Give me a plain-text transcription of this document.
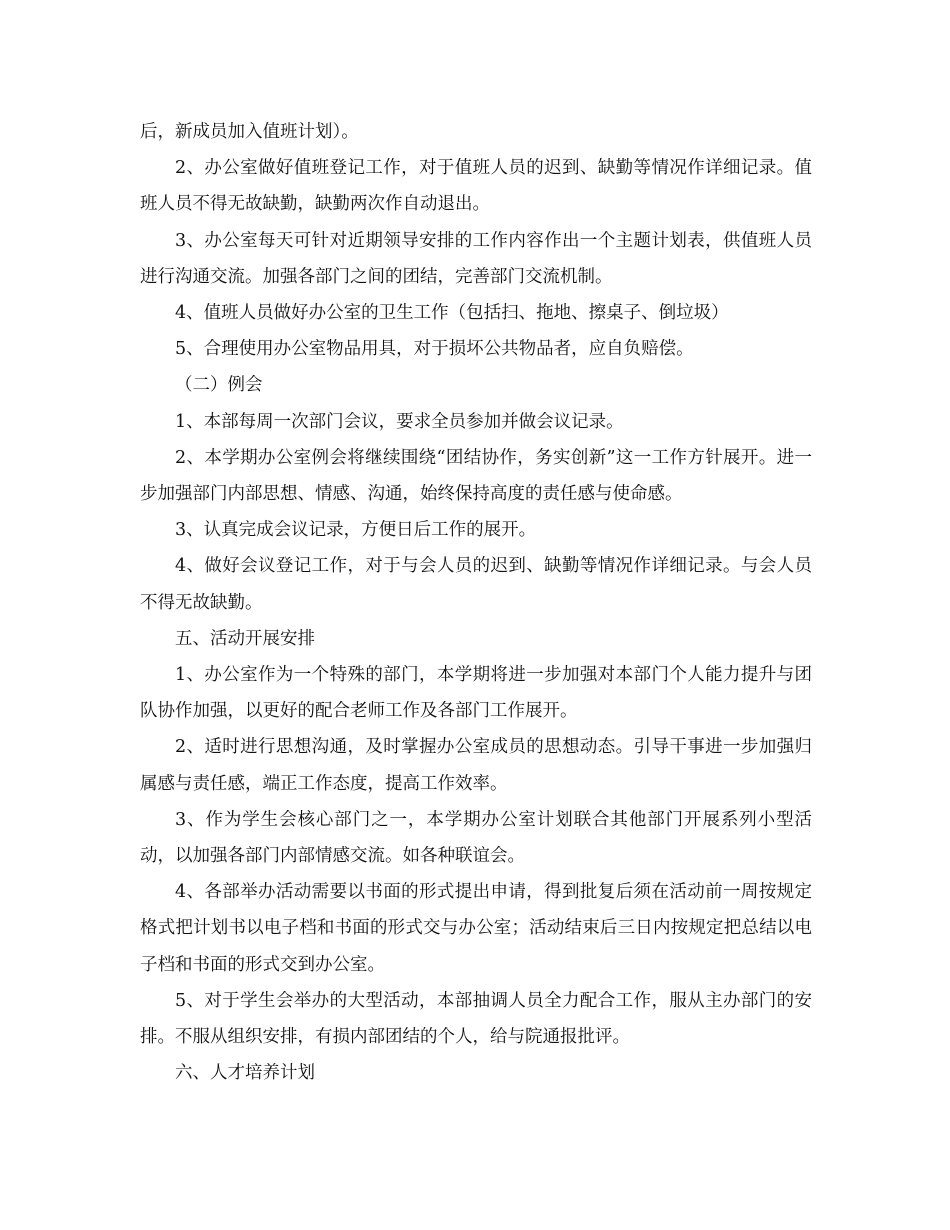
后，新成员加入值班计划）。

2、办公室做好值班登记工作，对于值班人员的迟到、缺勤等情况作详细记录。值班人员不得无故缺勤，缺勤两次作自动退出。

3、办公室每天可针对近期领导安排的工作内容作出一个主题计划表，供值班人员进行沟通交流。加强各部门之间的团结，完善部门交流机制。

4、值班人员做好办公室的卫生工作（包括扫、拖地、擦桌子、倒垃圾）

5、合理使用办公室物品用具，对于损坏公共物品者，应自负赔偿。

（二）例会

1、本部每周一次部门会议，要求全员参加并做会议记录。

2、本学期办公室例会将继续围绕“团结协作，务实创新”这一工作方针展开。进一步加强部门内部思想、情感、沟通，始终保持高度的责任感与使命感。

3、认真完成会议记录，方便日后工作的展开。

4、做好会议登记工作，对于与会人员的迟到、缺勤等情况作详细记录。与会人员不得无故缺勤。

五、活动开展安排

1、办公室作为一个特殊的部门，本学期将进一步加强对本部门个人能力提升与团队协作加强，以更好的配合老师工作及各部门工作展开。

2、适时进行思想沟通，及时掌握办公室成员的思想动态。引导干事进一步加强归属感与责任感，端正工作态度，提高工作效率。

3、作为学生会核心部门之一，本学期办公室计划联合其他部门开展系列小型活动，以加强各部门内部情感交流。如各种联谊会。

4、各部举办活动需要以书面的形式提出申请，得到批复后须在活动前一周按规定格式把计划书以电子档和书面的形式交与办公室；活动结束后三日内按规定把总结以电子档和书面的形式交到办公室。

5、对于学生会举办的大型活动，本部抽调人员全力配合工作，服从主办部门的安排。不服从组织安排，有损内部团结的个人，给与院通报批评。

六、人才培养计划
